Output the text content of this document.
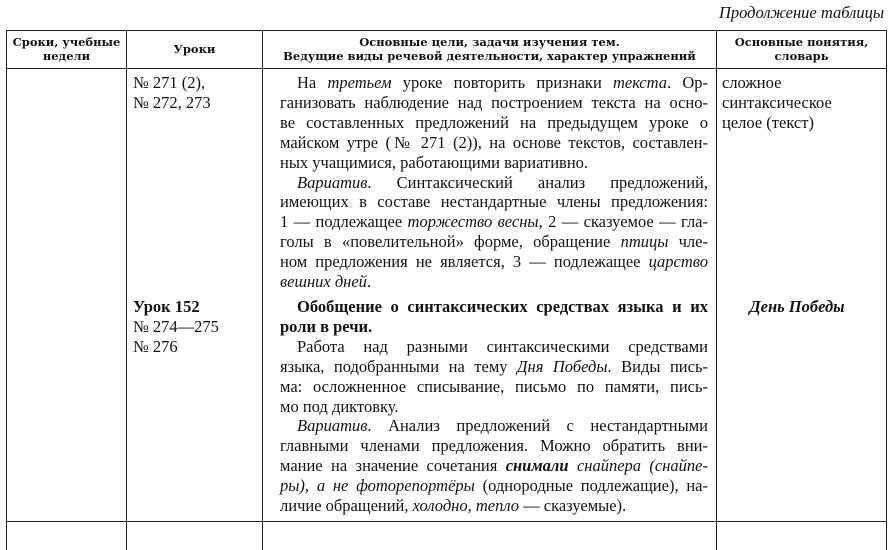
Продолжение таблицы
Сроки, учебные
недели	Уроки	Основные цели, задачи изучения тем.
Ведущие виды речевой деятельности, характер упражнений
Основные понятия,
словарь
№ 271 (2),
№ 272, 273
На третьем уроке повторить признаки текста. Ор-
ганизовать наблюдение над построением текста на осно-
ве составленных предложений на предыдущем уроке о
майском утре (№ 271 (2)), на основе текстов, составлен-
ных учащимися, работающими вариативно.
Вариатив. Синтаксический анализ предложений,
имеющих в составе нестандартные члены предложения:
1 — подлежащее торжество весны, 2 — сказуемое — гла-
голы в «повелительной» форме, обращение птицы чле-
ном предложения не является, 3 — подлежащее царство
вешних дней.
сложное
синтаксическое
целое (текст)
Урок 152
№ 274—275
№ 276
Обобщение о синтаксических средствах языка и их
роли в речи.
Работа над разными синтаксическими средствами
языка, подобранными на тему Дня Победы. Виды пись-
ма: осложненное списывание, письмо по памяти, пись-
мо под диктовку.
Вариатив. Анализ предложений с нестандартными
главными членами предложения. Можно обратить вни-
мание на значение сочетания снимали снайпера (снайпе-
ры), а не фоторепортёры (однородные подлежащие), на-
личие обращений, холодно, тепло — сказуемые).
День Победы
